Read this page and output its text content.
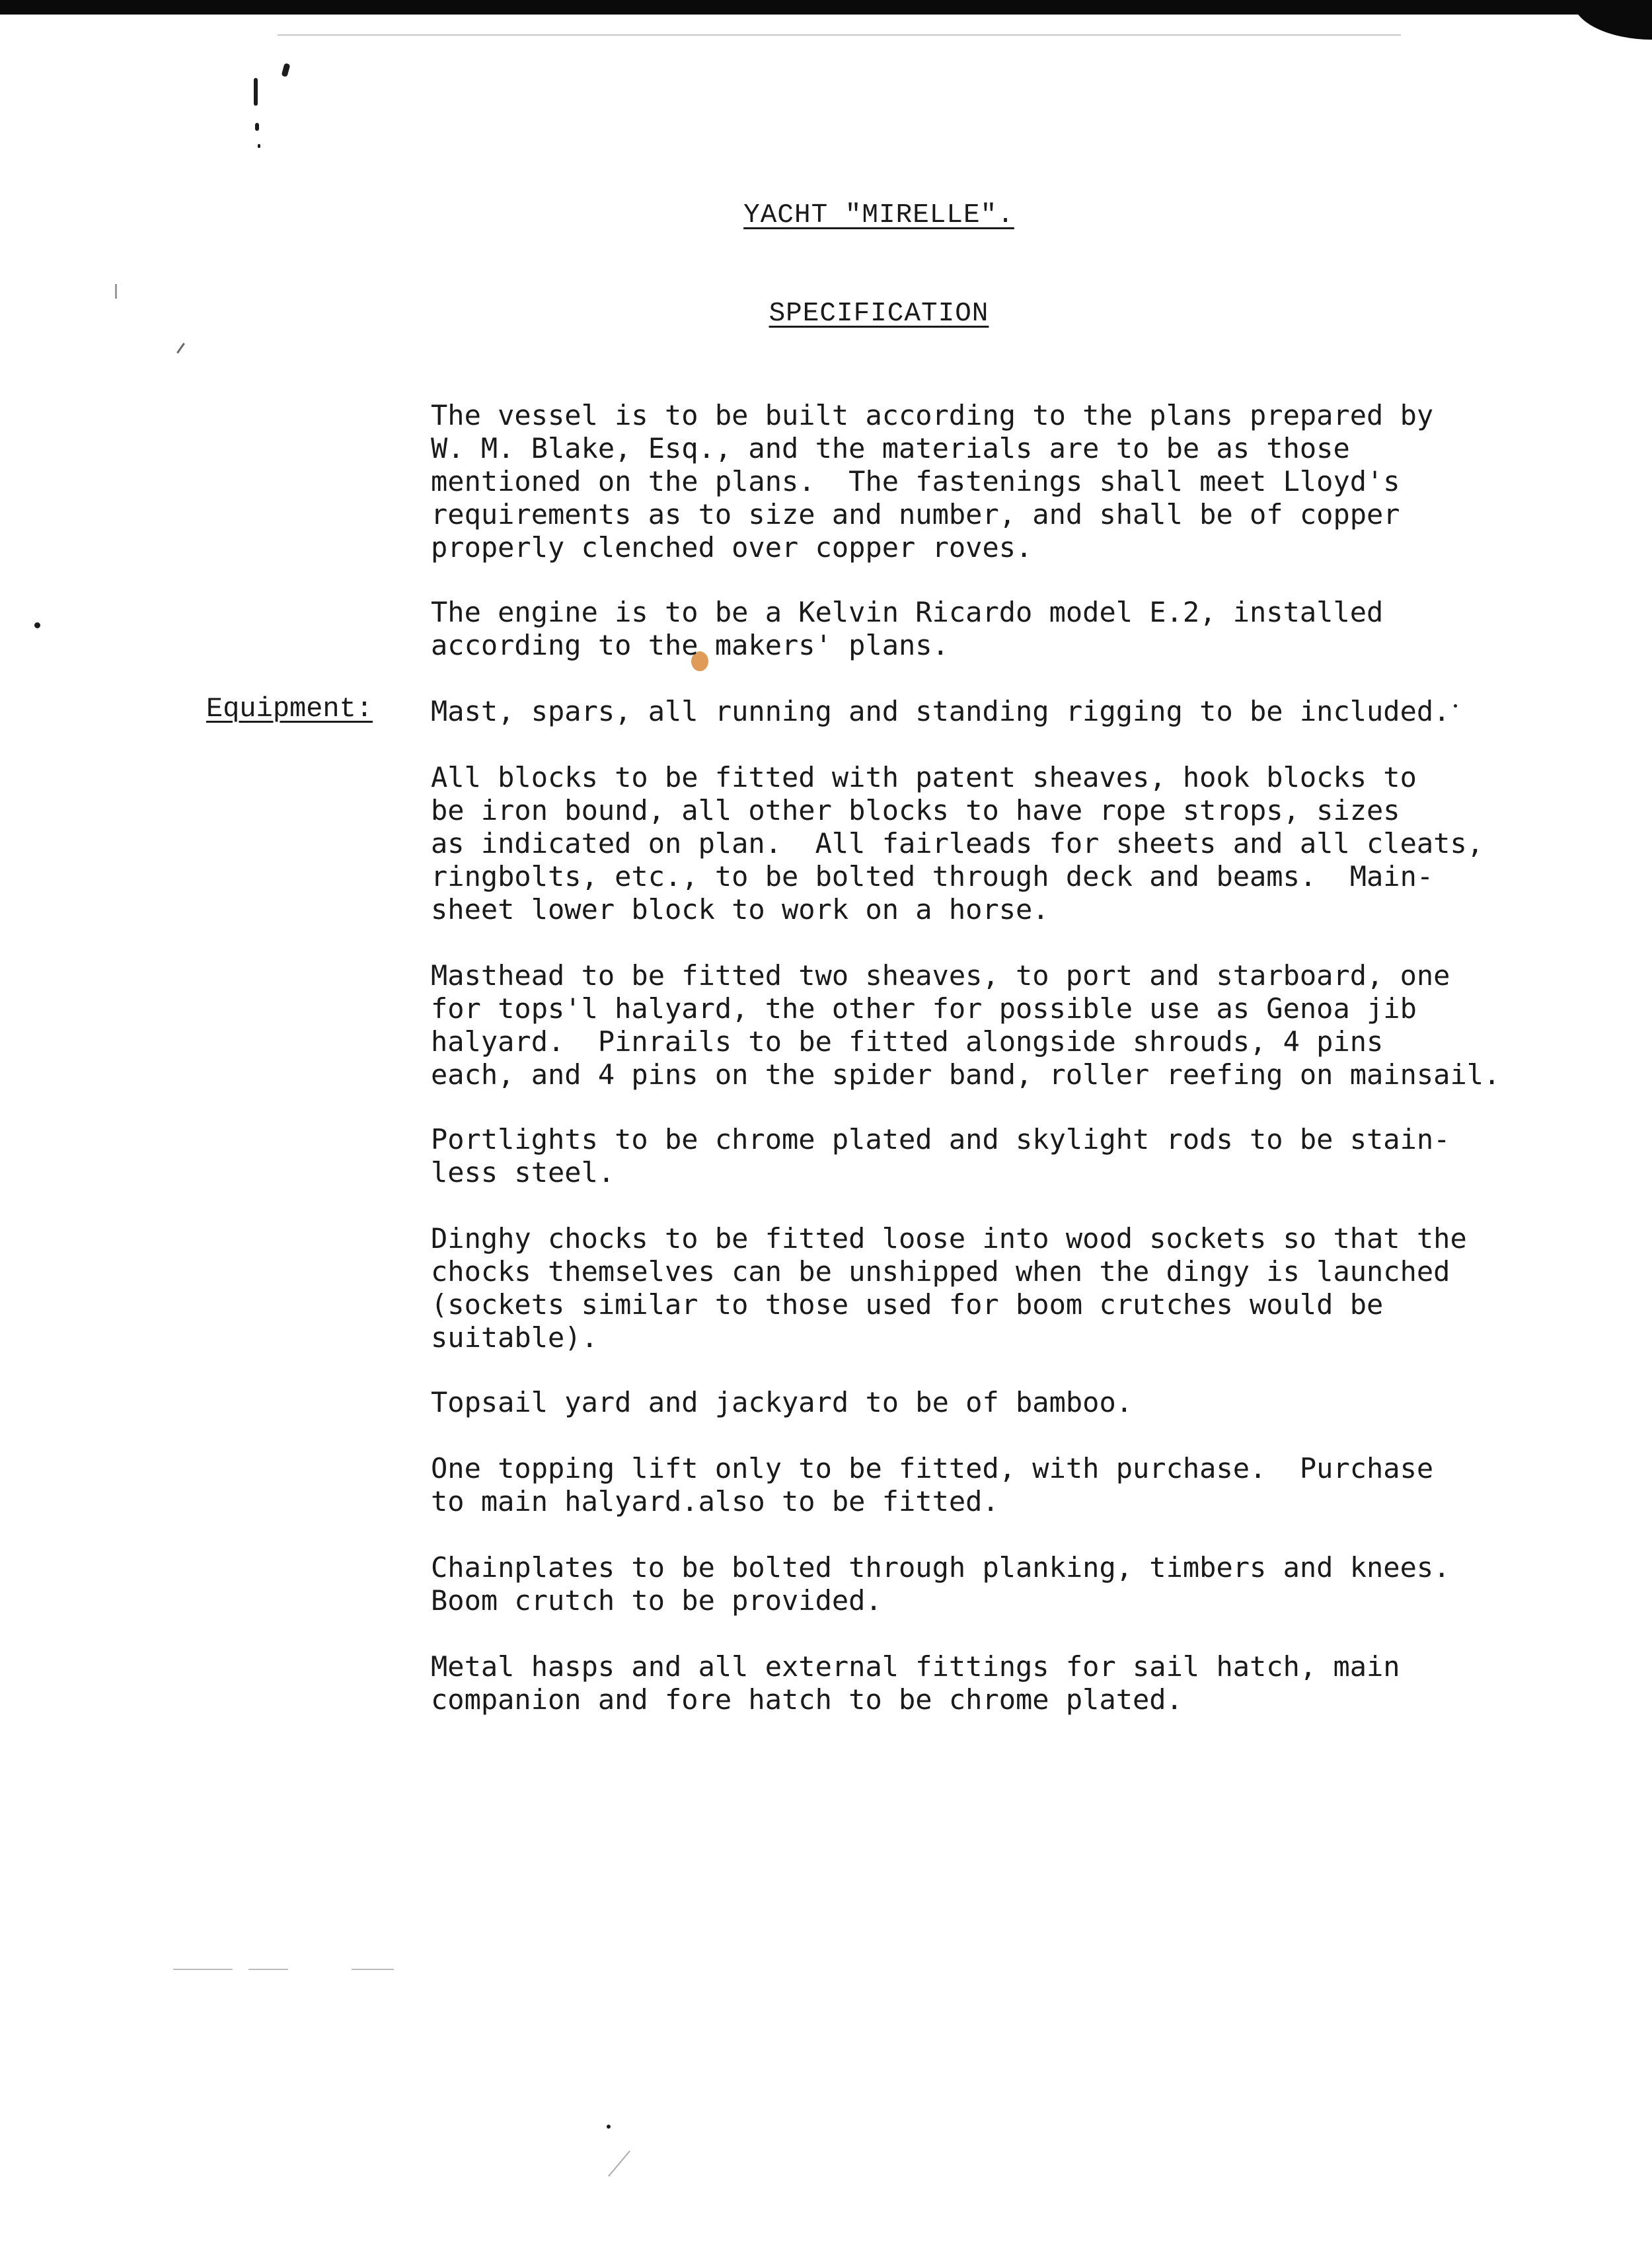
YACHT "MIRELLE".
SPECIFICATION
Equipment:
The vessel is to be built according to the plans prepared by
W. M. Blake, Esq., and the materials are to be as those
mentioned on the plans.  The fastenings shall meet Lloyd's
requirements as to size and number, and shall be of copper
properly clenched over copper roves.
The engine is to be a Kelvin Ricardo model E.2, installed
according to the makers' plans.
Mast, spars, all running and standing rigging to be included.
All blocks to be fitted with patent sheaves, hook blocks to
be iron bound, all other blocks to have rope strops, sizes
as indicated on plan.  All fairleads for sheets and all cleats,
ringbolts, etc., to be bolted through deck and beams.  Main-
sheet lower block to work on a horse.
Masthead to be fitted two sheaves, to port and starboard, one
for tops'l halyard, the other for possible use as Genoa jib
halyard.  Pinrails to be fitted alongside shrouds, 4 pins
each, and 4 pins on the spider band, roller reefing on mainsail.
Portlights to be chrome plated and skylight rods to be stain-
less steel.
Dinghy chocks to be fitted loose into wood sockets so that the
chocks themselves can be unshipped when the dingy is launched
(sockets similar to those used for boom crutches would be
suitable).
Topsail yard and jackyard to be of bamboo.
One topping lift only to be fitted, with purchase.  Purchase
to main halyard.also to be fitted.
Chainplates to be bolted through planking, timbers and knees.
Boom crutch to be provided.
Metal hasps and all external fittings for sail hatch, main
companion and fore hatch to be chrome plated.
